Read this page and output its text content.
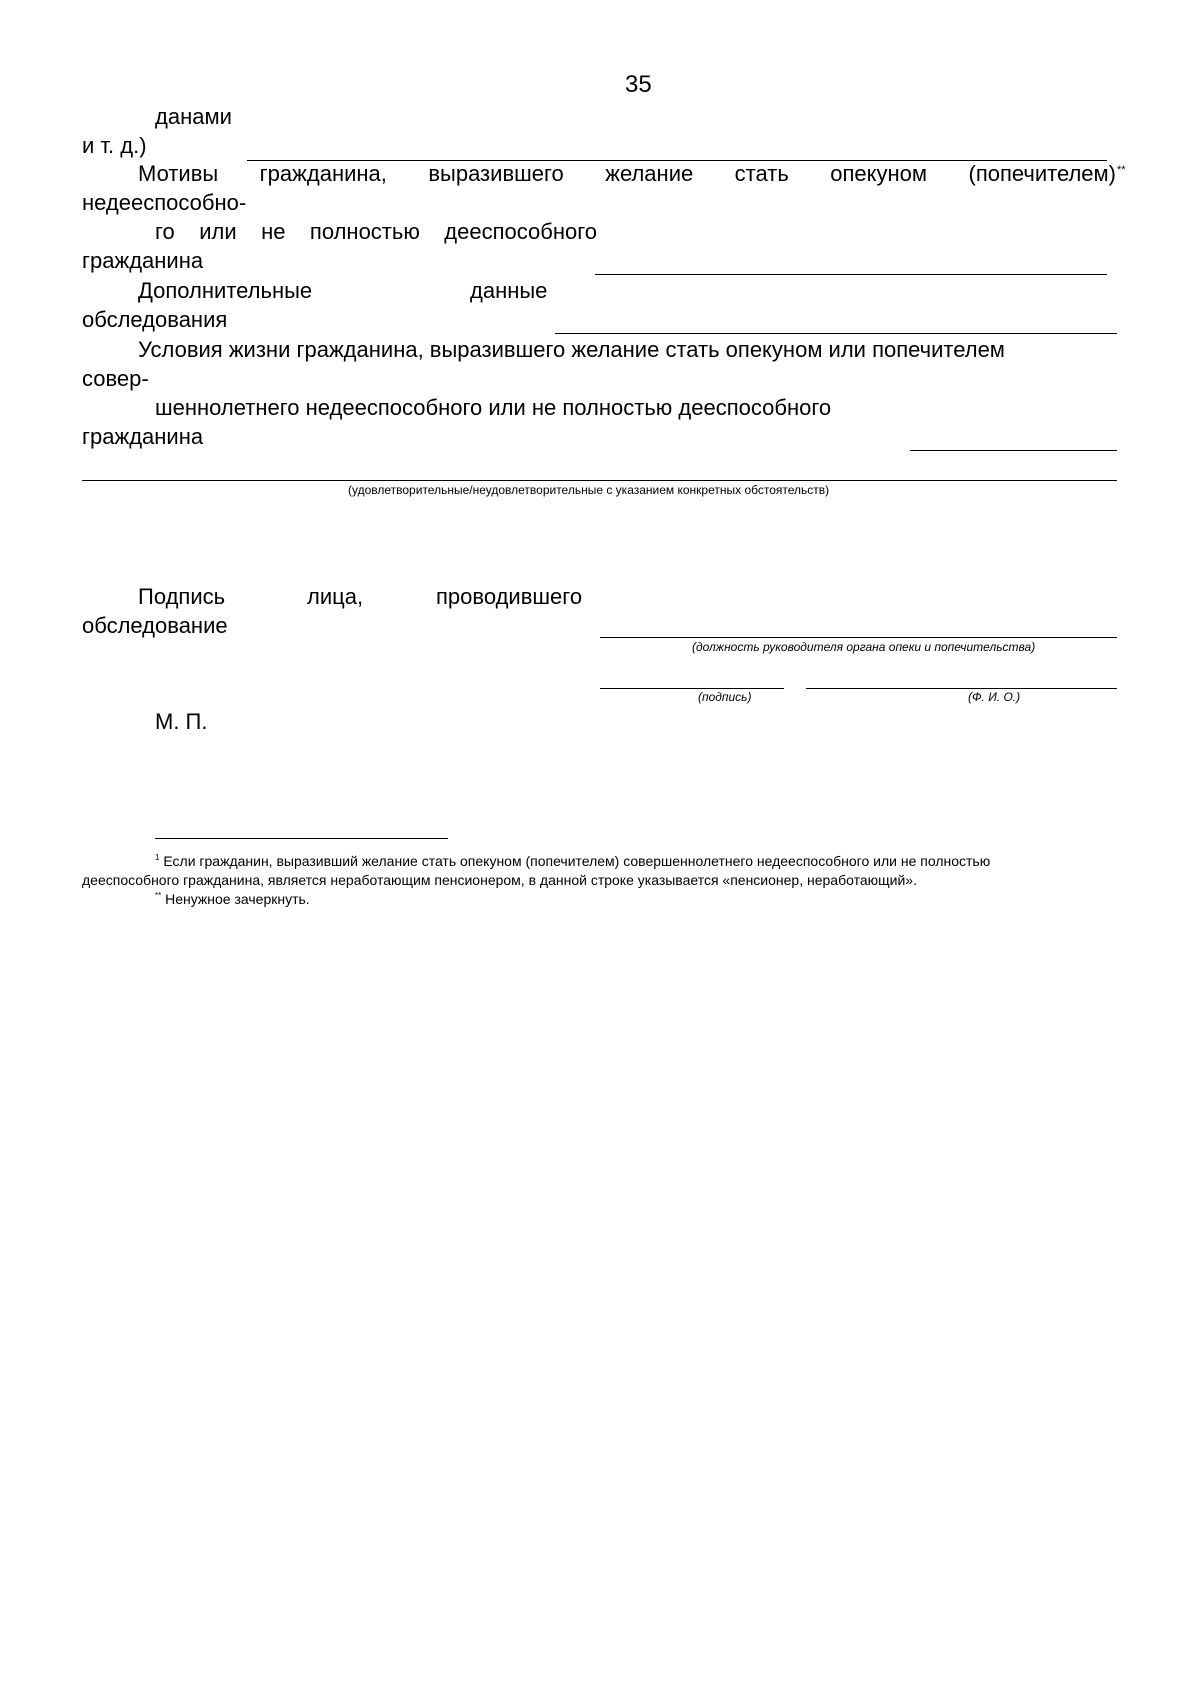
35
данами
и т. д.)
Мотивы гражданина, выразившего желание стать опекуном (попечителем) **
недееспособно-
го или не полностью дееспособного
гражданина
Дополнительные	данные
обследования
Условия жизни гражданина, выразившего желание стать опекуном или попечителем
совер-
шеннолетнего недееспособного или не полностью дееспособного
гражданина
(удовлетворительные/неудовлетворительные с указанием конкретных обстоятельств)
Подпись	лица,	проводившего
обследование
(должность руководителя органа опеки и попечительства)
(подпись)	(Ф. И. О.)
М. П.
$^1$ Если гражданин, выразивший желание стать опекуном (попечителем) совершеннолетнего недееспособного или не полностью
дееспособного гражданина, является неработающим пенсионером, в данной строке указывается «пенсионер, неработающий».
** Ненужное зачеркнуть.
